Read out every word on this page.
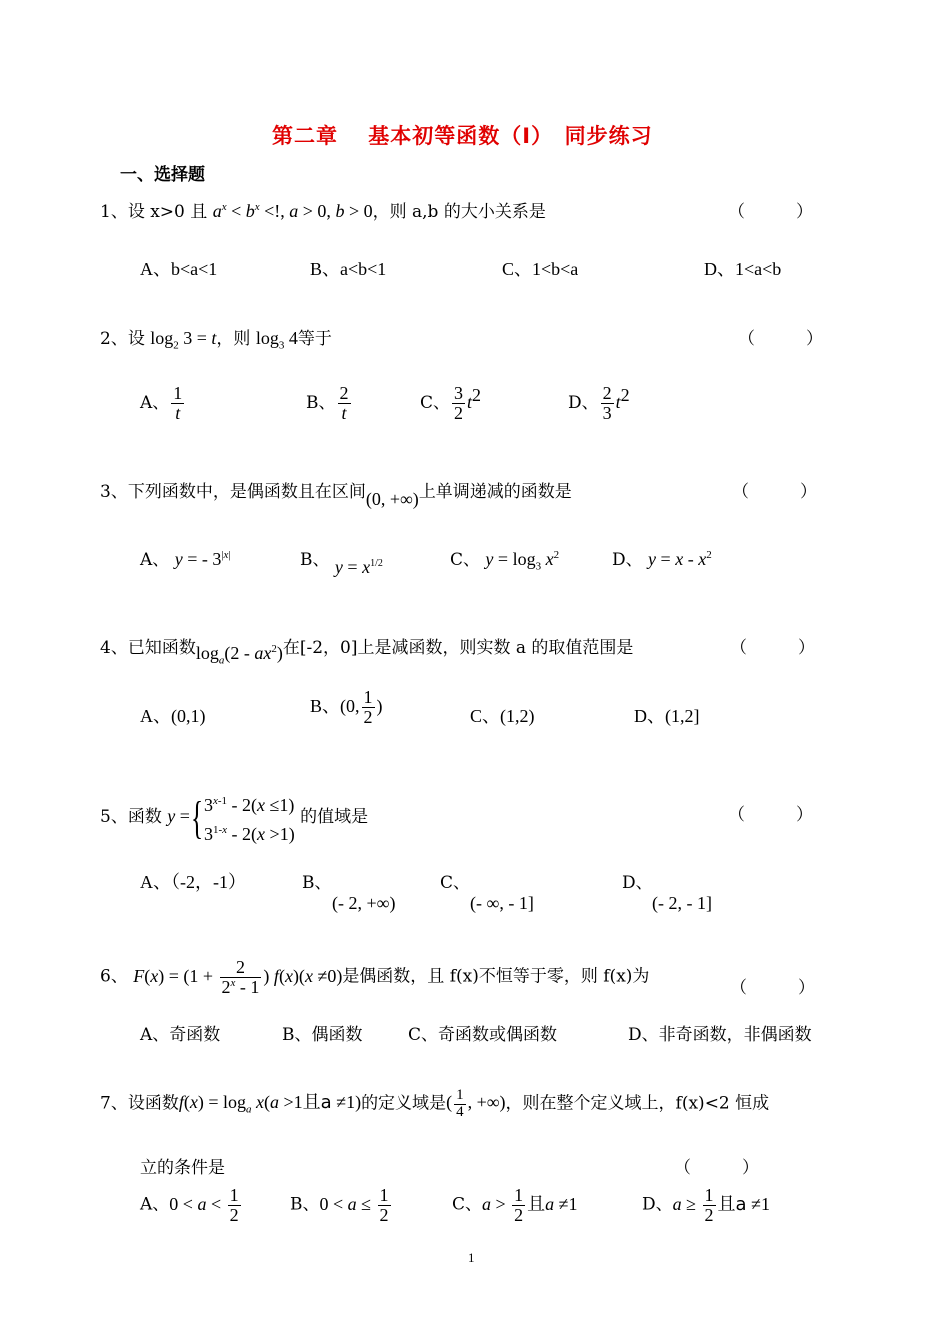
第二章　 基本初等函数（I）　同步练习
一、选择题
1、设 x>0 且 $a^x < b^x$ <!, a > 0, b > 0，则 a,b 的大小关系是	（　　　）
A、b<a<1	B、a<b<1	C、1<b<a	D、1<a<b
2、设 $\log_2 3 = t$，则 $\log_3 4$等于	（　　　）
A、 $\frac{1}{t}$	B、 $\frac{2}{t}$	C、 $\frac{3}{2} t^2$	D、 $\frac{2}{3} t^2$
3、下列函数中，是偶函数且在区间(0, +∞)上单调递减的函数是	（　　　）
A、 y = - $3^{|x|}$	B、 $y = x^{1/2}$	C、 $y = \log_3 x^2$	D、 $y = x - x^2$
4、已知函数$\log_a(2 - ax^2)$在[-2，0]上是减函数，则实数 a 的取值范围是	（　　　）
A、(0,1)
B、(0, $\frac{1}{2}$ )
C、(1,2)	D、(1,2]
5、函数 y ={ 3$^{x-1}$ - 2(x ≤1)
3$^{1-x}$ - 2(x >1)
的值域是	（　　　）
A、（-2，-1）	B、
(- 2, +∞)
C、
(- ∞, - 1]
D、
(- 2, - 1]
6、 $F(x) = (1 + \frac{2}{2^x - 1}$ ) f(x)(x ≠0)是偶函数，且 f(x)不恒等于零，则 f(x)为
（　　　）
A、奇函数	B、偶函数	C、奇函数或偶函数	D、非奇函数，非偶函数
7、设函数$f(x) = \log_a x(a >1$且a ≠1)的定义域是( $\frac{1}{4}$ , +∞)，则在整个定义域上，f(x)<2 恒成
立的条件是	（　　　）
A、$0 < a < \frac{1}{2}$	B、$0 < a \le \frac{1}{2}$	C、$a > \frac{1}{2}$ 且a ≠1	D、$a \ge \frac{1}{2}$ 且a ≠1
1
